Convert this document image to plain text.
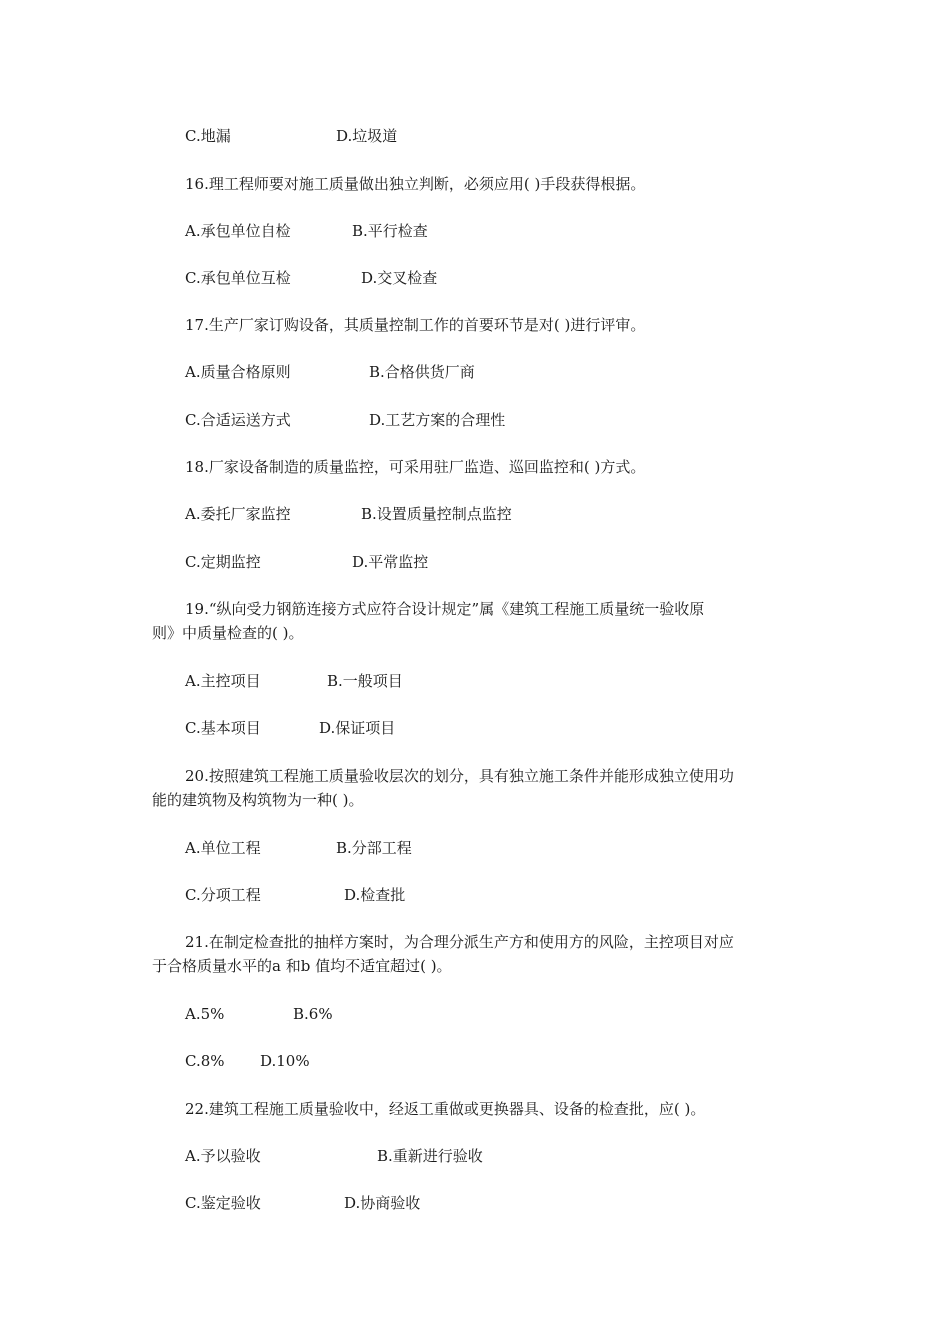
C.地漏	D.垃圾道
16.理工程师要对施工质量做出独立判断，必须应用( )手段获得根据。
A.承包单位自检	B.平行检查
C.承包单位互检	D.交叉检查
17.生产厂家订购设备，其质量控制工作的首要环节是对( )进行评审。
A.质量合格原则	B.合格供货厂商
C.合适运送方式	D.工艺方案的合理性
18.厂家设备制造的质量监控，可采用驻厂监造、巡回监控和( )方式。
A.委托厂家监控	B.设置质量控制点监控
C.定期监控	D.平常监控
19.“纵向受力钢筋连接方式应符合设计规定”属《建筑工程施工质量统一验收原
则》中质量检查的( )。
A.主控项目	B.一般项目
C.基本项目	D.保证项目
20.按照建筑工程施工质量验收层次的划分，具有独立施工条件并能形成独立使用功
能的建筑物及构筑物为一种( )。
A.单位工程	B.分部工程
C.分项工程	D.检查批
21.在制定检查批的抽样方案时，为合理分派生产方和使用方的风险，主控项目对应
于合格质量水平的a 和b 值均不适宜超过( )。
A.5%	B.6%
C.8% D.10%
22.建筑工程施工质量验收中，经返工重做或更换器具、设备的检查批，应( )。
A.予以验收	B.重新进行验收
C.鉴定验收	D.协商验收
